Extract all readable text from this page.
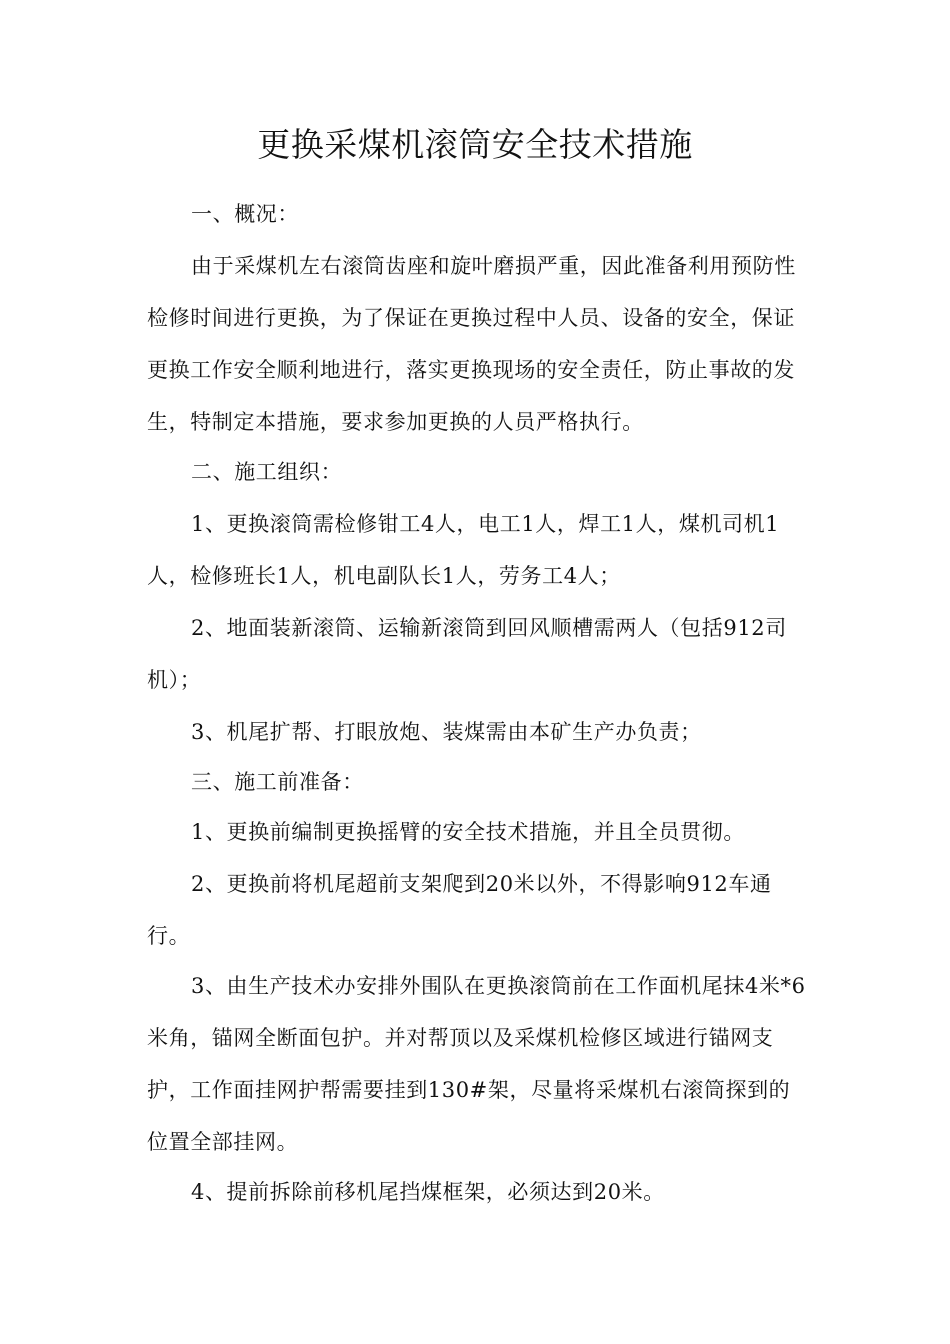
更换采煤机滚筒安全技术措施

一、概况：

由于采煤机左右滚筒齿座和旋叶磨损严重，因此准备利用预防性检修时间进行更换，为了保证在更换过程中人员、设备的安全，保证更换工作安全顺利地进行，落实更换现场的安全责任，防止事故的发生，特制定本措施，要求参加更换的人员严格执行。

二、施工组织：

1、更换滚筒需检修钳工4人，电工1人，焊工1人，煤机司机1人，检修班长1人，机电副队长1人，劳务工4人；

2、地面装新滚筒、运输新滚筒到回风顺槽需两人（包括912司机）；

3、机尾扩帮、打眼放炮、装煤需由本矿生产办负责；

三、施工前准备：

1、更换前编制更换摇臂的安全技术措施，并且全员贯彻。

2、更换前将机尾超前支架爬到20米以外，不得影响912车通行。

3、由生产技术办安排外围队在更换滚筒前在工作面机尾抹4米*6米角，锚网全断面包护。并对帮顶以及采煤机检修区域进行锚网支护，工作面挂网护帮需要挂到130#架，尽量将采煤机右滚筒探到的位置全部挂网。

4、提前拆除前移机尾挡煤框架，必须达到20米。
